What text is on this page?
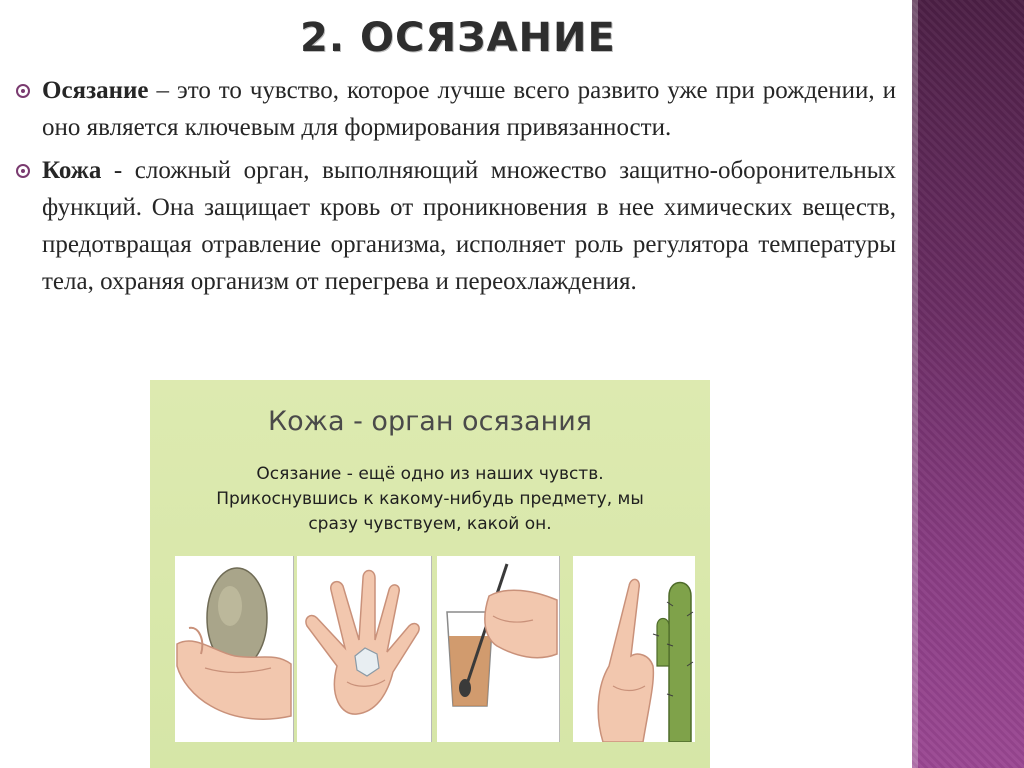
2. ОСЯЗАНИЕ
Осязание – это то чувство, которое лучше всего развито уже при рождении, и оно является ключевым для формирования привязанности.
Кожа - сложный орган, выполняющий множество защитно-оборонительных функций. Она защищает кровь от проникновения в нее химических веществ, предотвращая отравление организма, исполняет роль регулятора температуры тела, охраняя организм от перегрева и переохлаждения.
Кожа - орган осязания
Осязание - ещё одно из наших чувств.
Прикоснувшись к какому-нибудь предмету, мы
сразу чувствуем, какой он.
